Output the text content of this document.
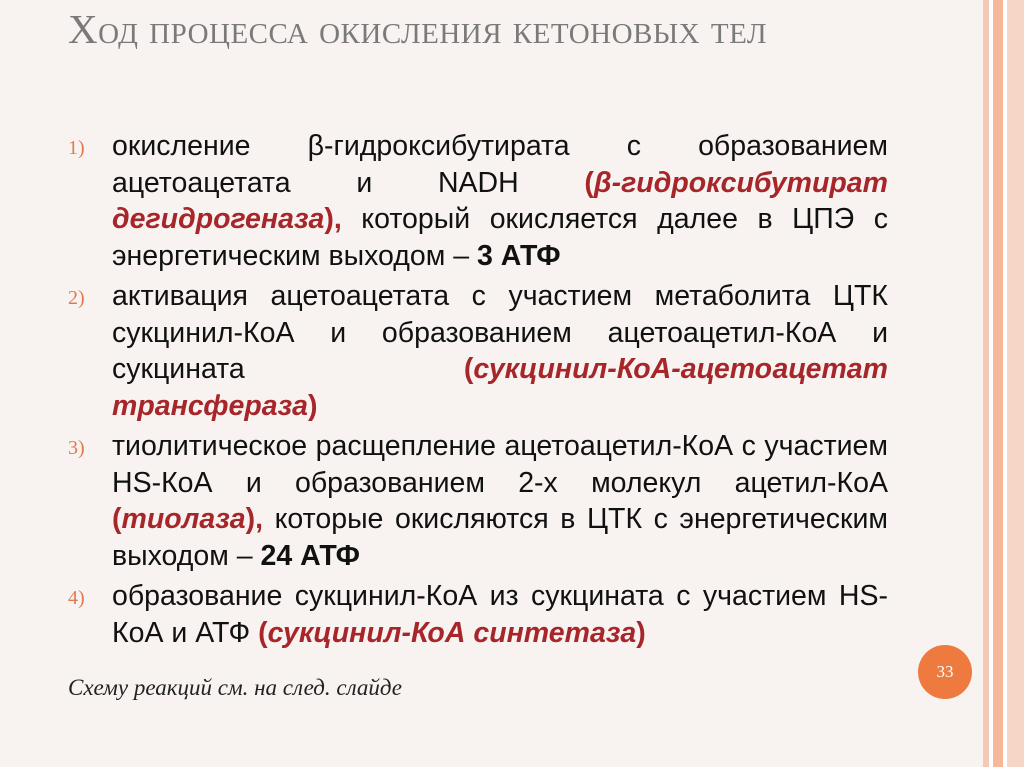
Ход процесса окисления кетоновых тел
1) окисление β-гидроксибутирата с образованием ацетоацетата и NADH (β-гидроксибутират дегидрогеназа), который окисляется далее в ЦПЭ с энергетическим выходом – 3 АТФ
2) активация ацетоацетата с участием метаболита ЦТК сукцинил-КоА и образованием ацетоацетил-КоА и сукцината (сукцинил-КоА-ацетоацетат трансфераза)
3) тиолитическое расщепление ацетоацетил-КоА с участием HS-КоА и образованием 2-х молекул ацетил-КоА (тиолаза), которые окисляются в ЦТК с энергетическим выходом – 24 АТФ
4) образование сукцинил-КоА из сукцината с участием HS-КоА и АТФ (сукцинил-КоА синтетаза)
Схему реакций см. на след. слайде
33
